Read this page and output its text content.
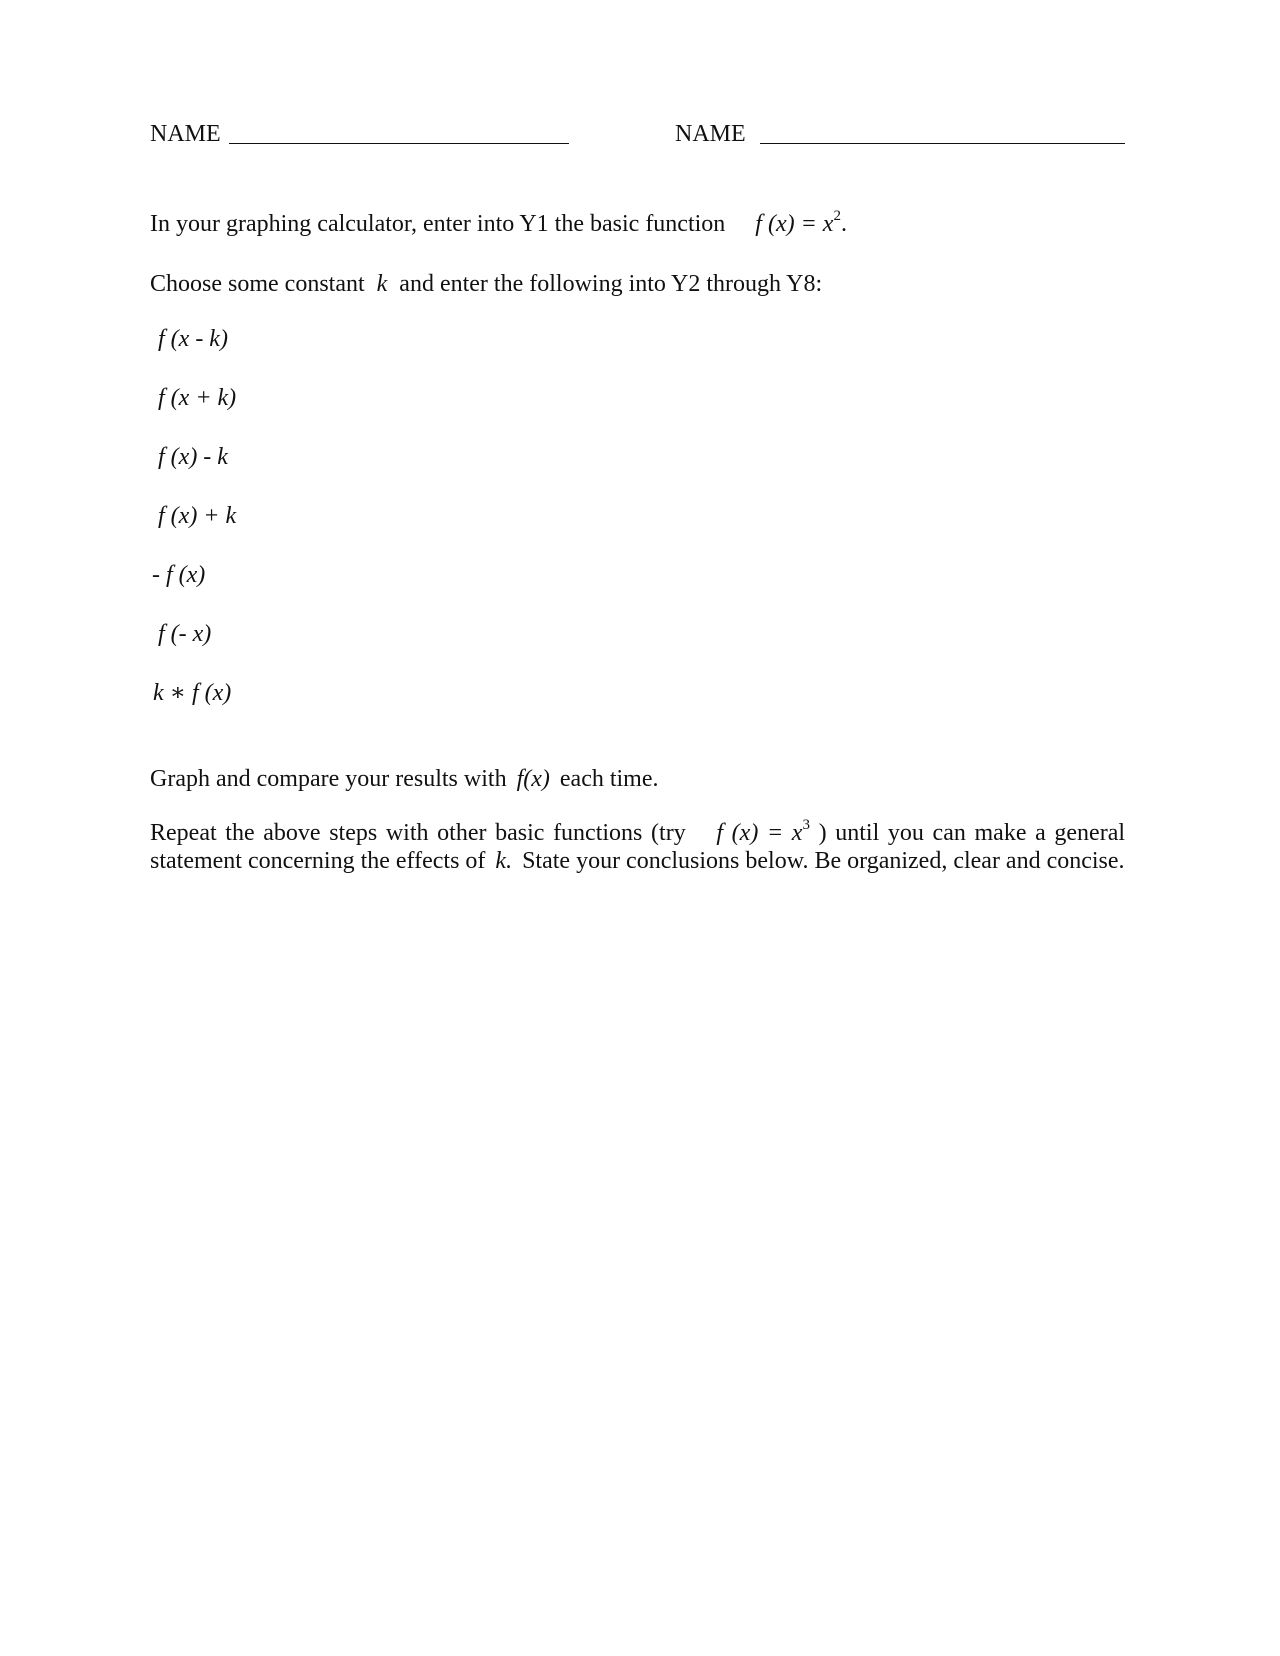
NAME	NAME
In your graphing calculator, enter into Y1 the basic function f $(x) = x^2$.
Choose some constant k and enter the following into Y2 through Y8:
f (x - k)
f (x + k)
f (x) - k
f (x) + k
- f (x)
f (- x)
k ∗ f (x)
Graph and compare your results with f(x) each time.
Repeat the above steps with other basic functions (try f $(x) = x^3$ ) until you can make a general statement concerning the effects of k. State your conclusions below. Be organized, clear and concise.
